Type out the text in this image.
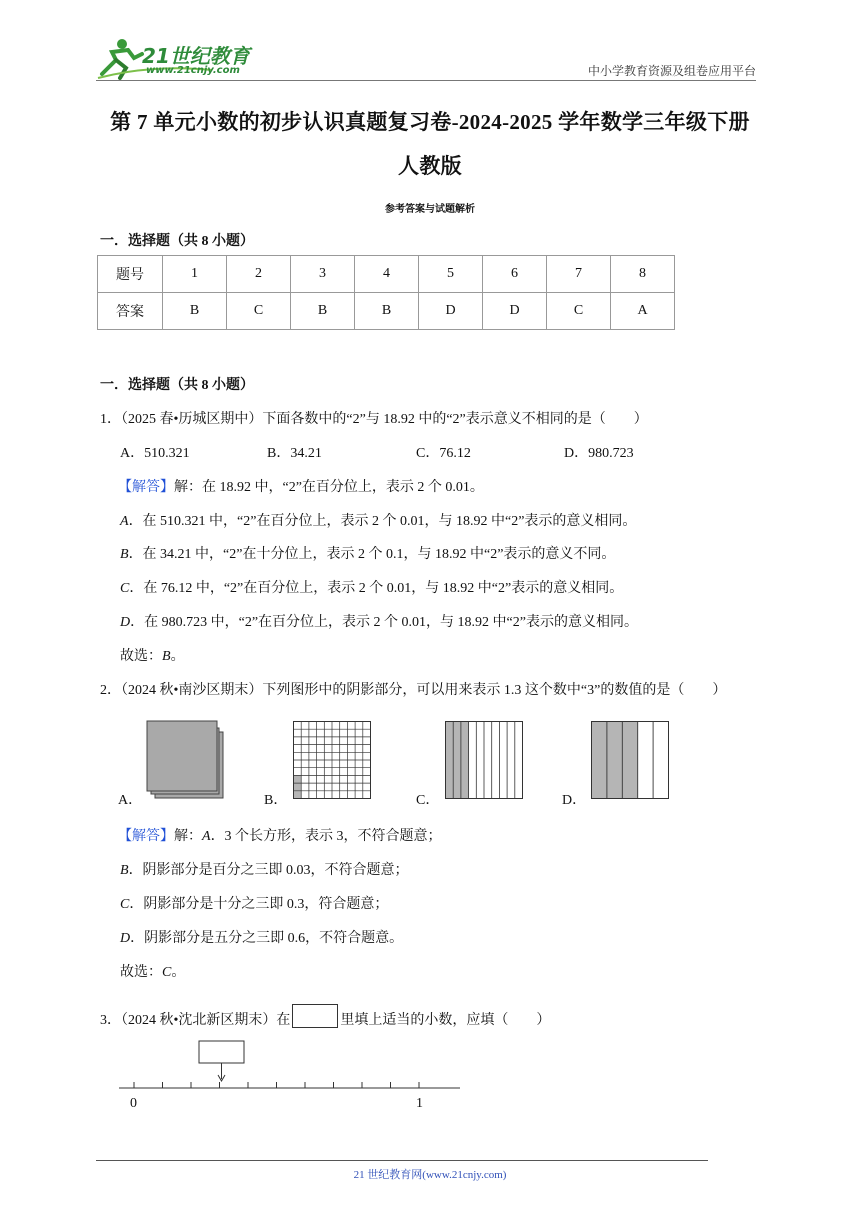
21世纪教育
www.21cnjy.com	中小学教育资源及组卷应用平台
第 7 单元小数的初步认识真题复习卷-2024-2025 学年数学三年级下册
人教版
参考答案与试题解析
一．选择题（共 8 小题）
题号	1	2	3	4	5	6	7	8
答案	B	C	B	B	D	D	C	A
一．选择题（共 8 小题）
1．（2025 春•历城区期中）下面各数中的“2”与 18.92 中的“2”表示意义不相同的是（　　）
A．510.321	B．34.21	C．76.12	D．980.723
【解答】解：在 18.92 中，“2”在百分位上，表示 2 个 0.01。
A．在 510.321 中，“2”在百分位上，表示 2 个 0.01，与 18.92 中“2”表示的意义相同。
B．在 34.21 中，“2”在十分位上，表示 2 个 0.1，与 18.92 中“2”表示的意义不同。
C．在 76.12 中，“2”在百分位上，表示 2 个 0.01，与 18.92 中“2”表示的意义相同。
D．在 980.723 中，“2”在百分位上，表示 2 个 0.01，与 18.92 中“2”表示的意义相同。
故选：B。
2．（2024 秋•南沙区期末）下列图形中的阴影部分，可以用来表示 1.3 这个数中“3”的数值的是（　　）
A．	B．	C．	D．
【解答】解：A．3 个长方形，表示 3，不符合题意；
B．阴影部分是百分之三即 0.03，不符合题意；
C．阴影部分是十分之三即 0.3，符合题意；
D．阴影部分是五分之三即 0.6，不符合题意。
故选：C。
3．（2024 秋•沈北新区期末）在	里填上适当的小数，应填（　　）
0	1
21 世纪教育网(www.21cnjy.com)
